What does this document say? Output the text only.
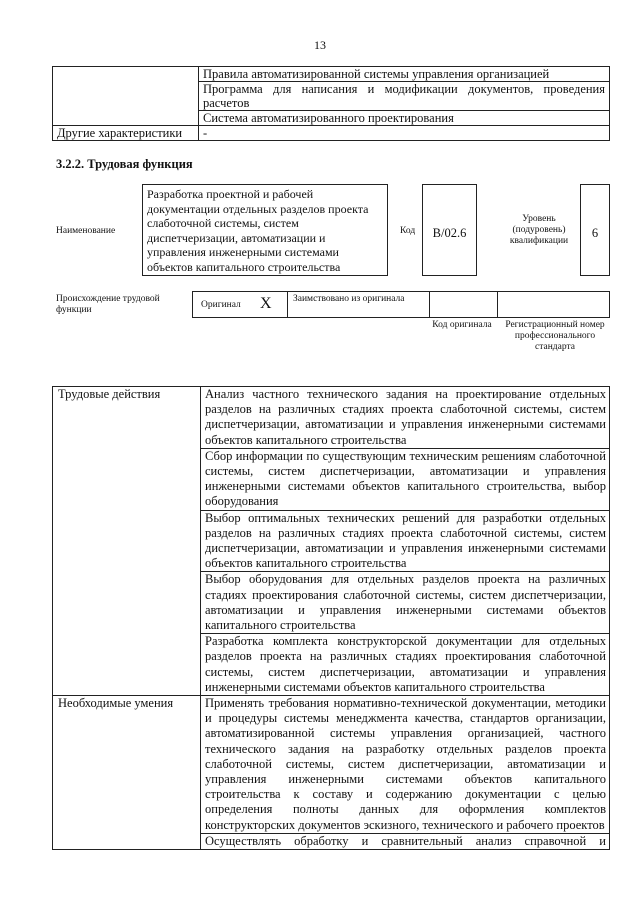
13
	Правила автоматизированной системы управления организацией
	Программа для написания и модификации документов, проведения расчетов
	Система автоматизированного проектирования
Другие характеристики	-
3.2.2. Трудовая функция
Наименование
Разработка проектной и рабочей документации отдельных разделов проекта слаботочной системы, систем диспетчеризации, автоматизации и управления инженерными системами объектов капитального строительства
Код	B/02.6
Уровень (подуровень) квалификации
6
Происхождение трудовой функции	Оригинал X Заимствовано из оригинала
Код оригинала	Регистрационный номер профессионального стандарта
Трудовые действия	Анализ частного технического задания на проектирование отдельных разделов на различных стадиях проекта слаботочной системы, систем диспетчеризации, автоматизации и управления инженерными системами объектов капитального строительства
	Сбор информации по существующим техническим решениям слаботочной системы, систем диспетчеризации, автоматизации и управления инженерными системами объектов капитального строительства, выбор оборудования
	Выбор оптимальных технических решений для разработки отдельных разделов на различных стадиях проекта слаботочной системы, систем диспетчеризации, автоматизации и управления инженерными системами объектов капитального строительства
	Выбор оборудования для отдельных разделов проекта на различных стадиях проектирования слаботочной системы, систем диспетчеризации, автоматизации и управления инженерными системами объектов капитального строительства
	Разработка комплекта конструкторской документации для отдельных разделов проекта на различных стадиях проектирования слаботочной системы, систем диспетчеризации, автоматизации и управления инженерными системами объектов капитального строительства
Необходимые умения	Применять требования нормативно-технической документации, методики и процедуры системы менеджмента качества, стандартов организации, автоматизированной системы управления организацией, частного технического задания на разработку отдельных разделов проекта слаботочной системы, систем диспетчеризации, автоматизации и управления инженерными системами объектов капитального строительства к составу и содержанию документации с целью определения полноты данных для оформления комплектов конструкторских документов эскизного, технического и рабочего проектов
	Осуществлять обработку и сравнительный анализ справочной и
